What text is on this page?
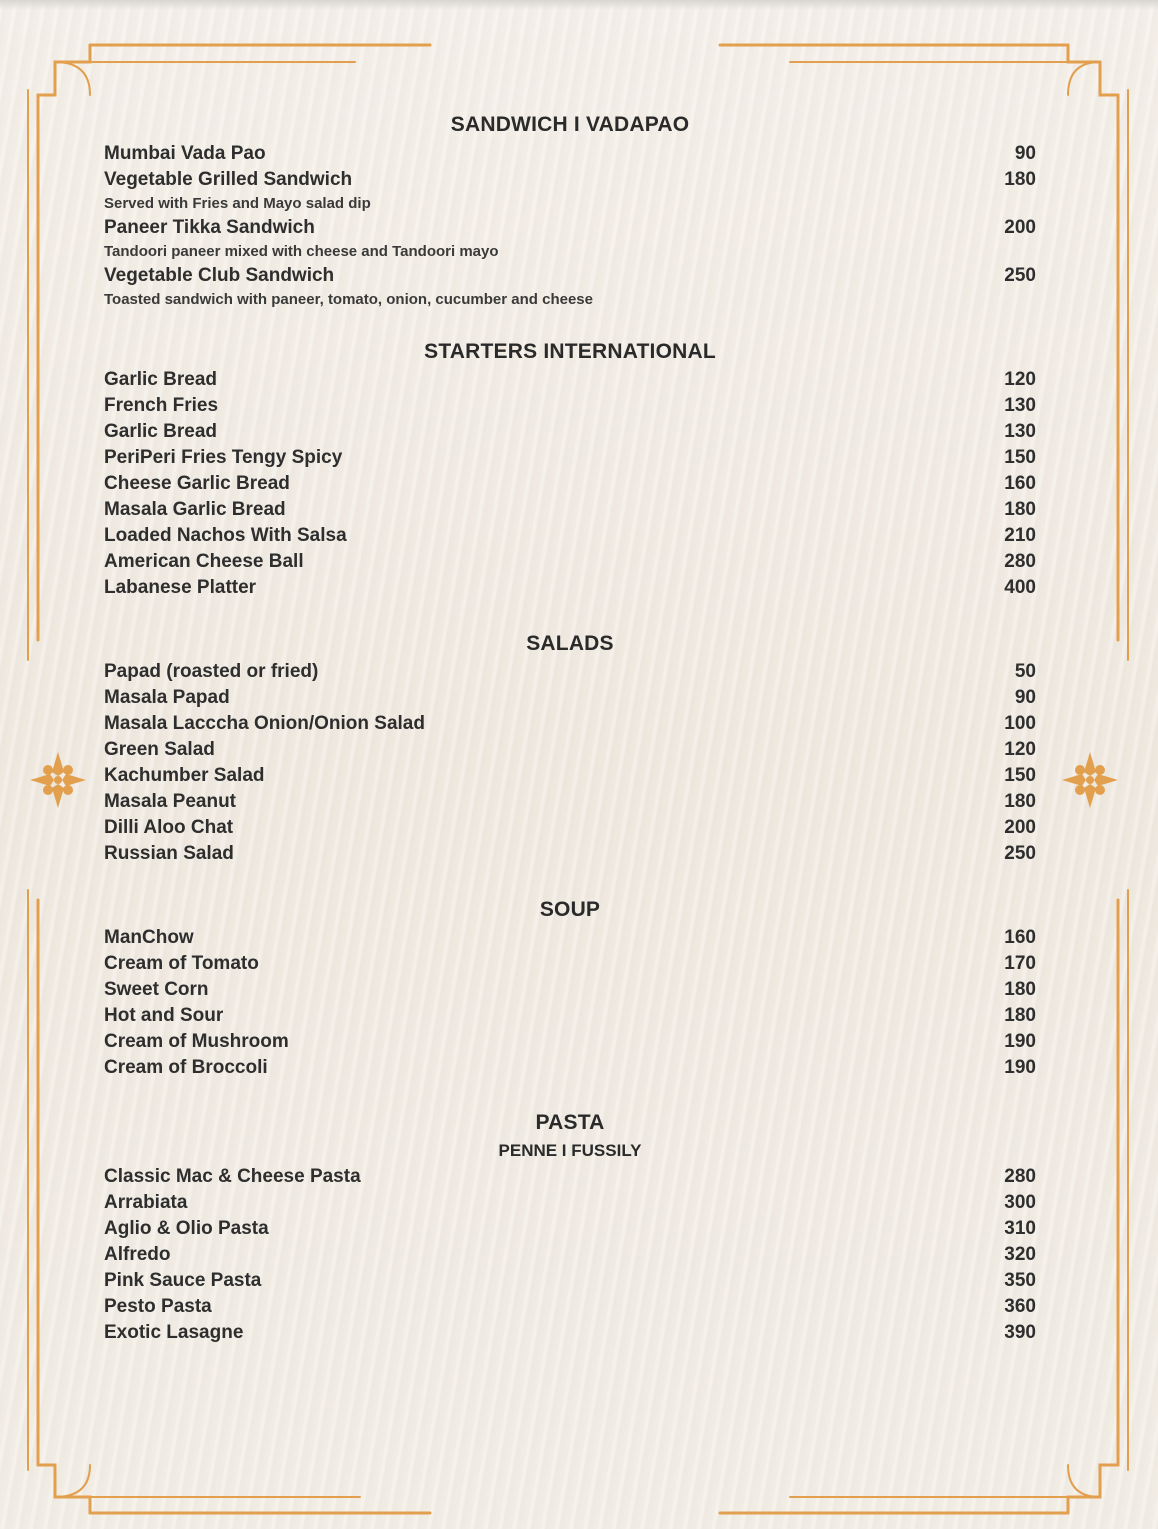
SANDWICH I VADAPAO
Mumbai Vada Pao	90
Vegetable Grilled Sandwich	180
Served with Fries and Mayo salad dip
Paneer Tikka Sandwich	200
Tandoori paneer mixed with cheese and Tandoori mayo
Vegetable Club Sandwich	250
Toasted sandwich with paneer, tomato, onion, cucumber and cheese
STARTERS INTERNATIONAL
Garlic Bread	120
French Fries	130
Garlic Bread	130
PeriPeri Fries Tengy Spicy	150
Cheese Garlic Bread	160
Masala Garlic Bread	180
Loaded Nachos With Salsa	210
American Cheese Ball	280
Labanese Platter	400
SALADS
Papad (roasted or fried)	50
Masala Papad	90
Masala Lacccha Onion/Onion Salad	100
Green Salad	120
Kachumber Salad	150
Masala Peanut	180
Dilli Aloo Chat	200
Russian Salad	250
SOUP
ManChow	160
Cream of Tomato	170
Sweet Corn	180
Hot and Sour	180
Cream of Mushroom	190
Cream of Broccoli	190
PASTA
PENNE I FUSSILY
Classic Mac & Cheese Pasta	280
Arrabiata	300
Aglio & Olio Pasta	310
Alfredo	320
Pink Sauce Pasta	350
Pesto Pasta	360
Exotic Lasagne	390
